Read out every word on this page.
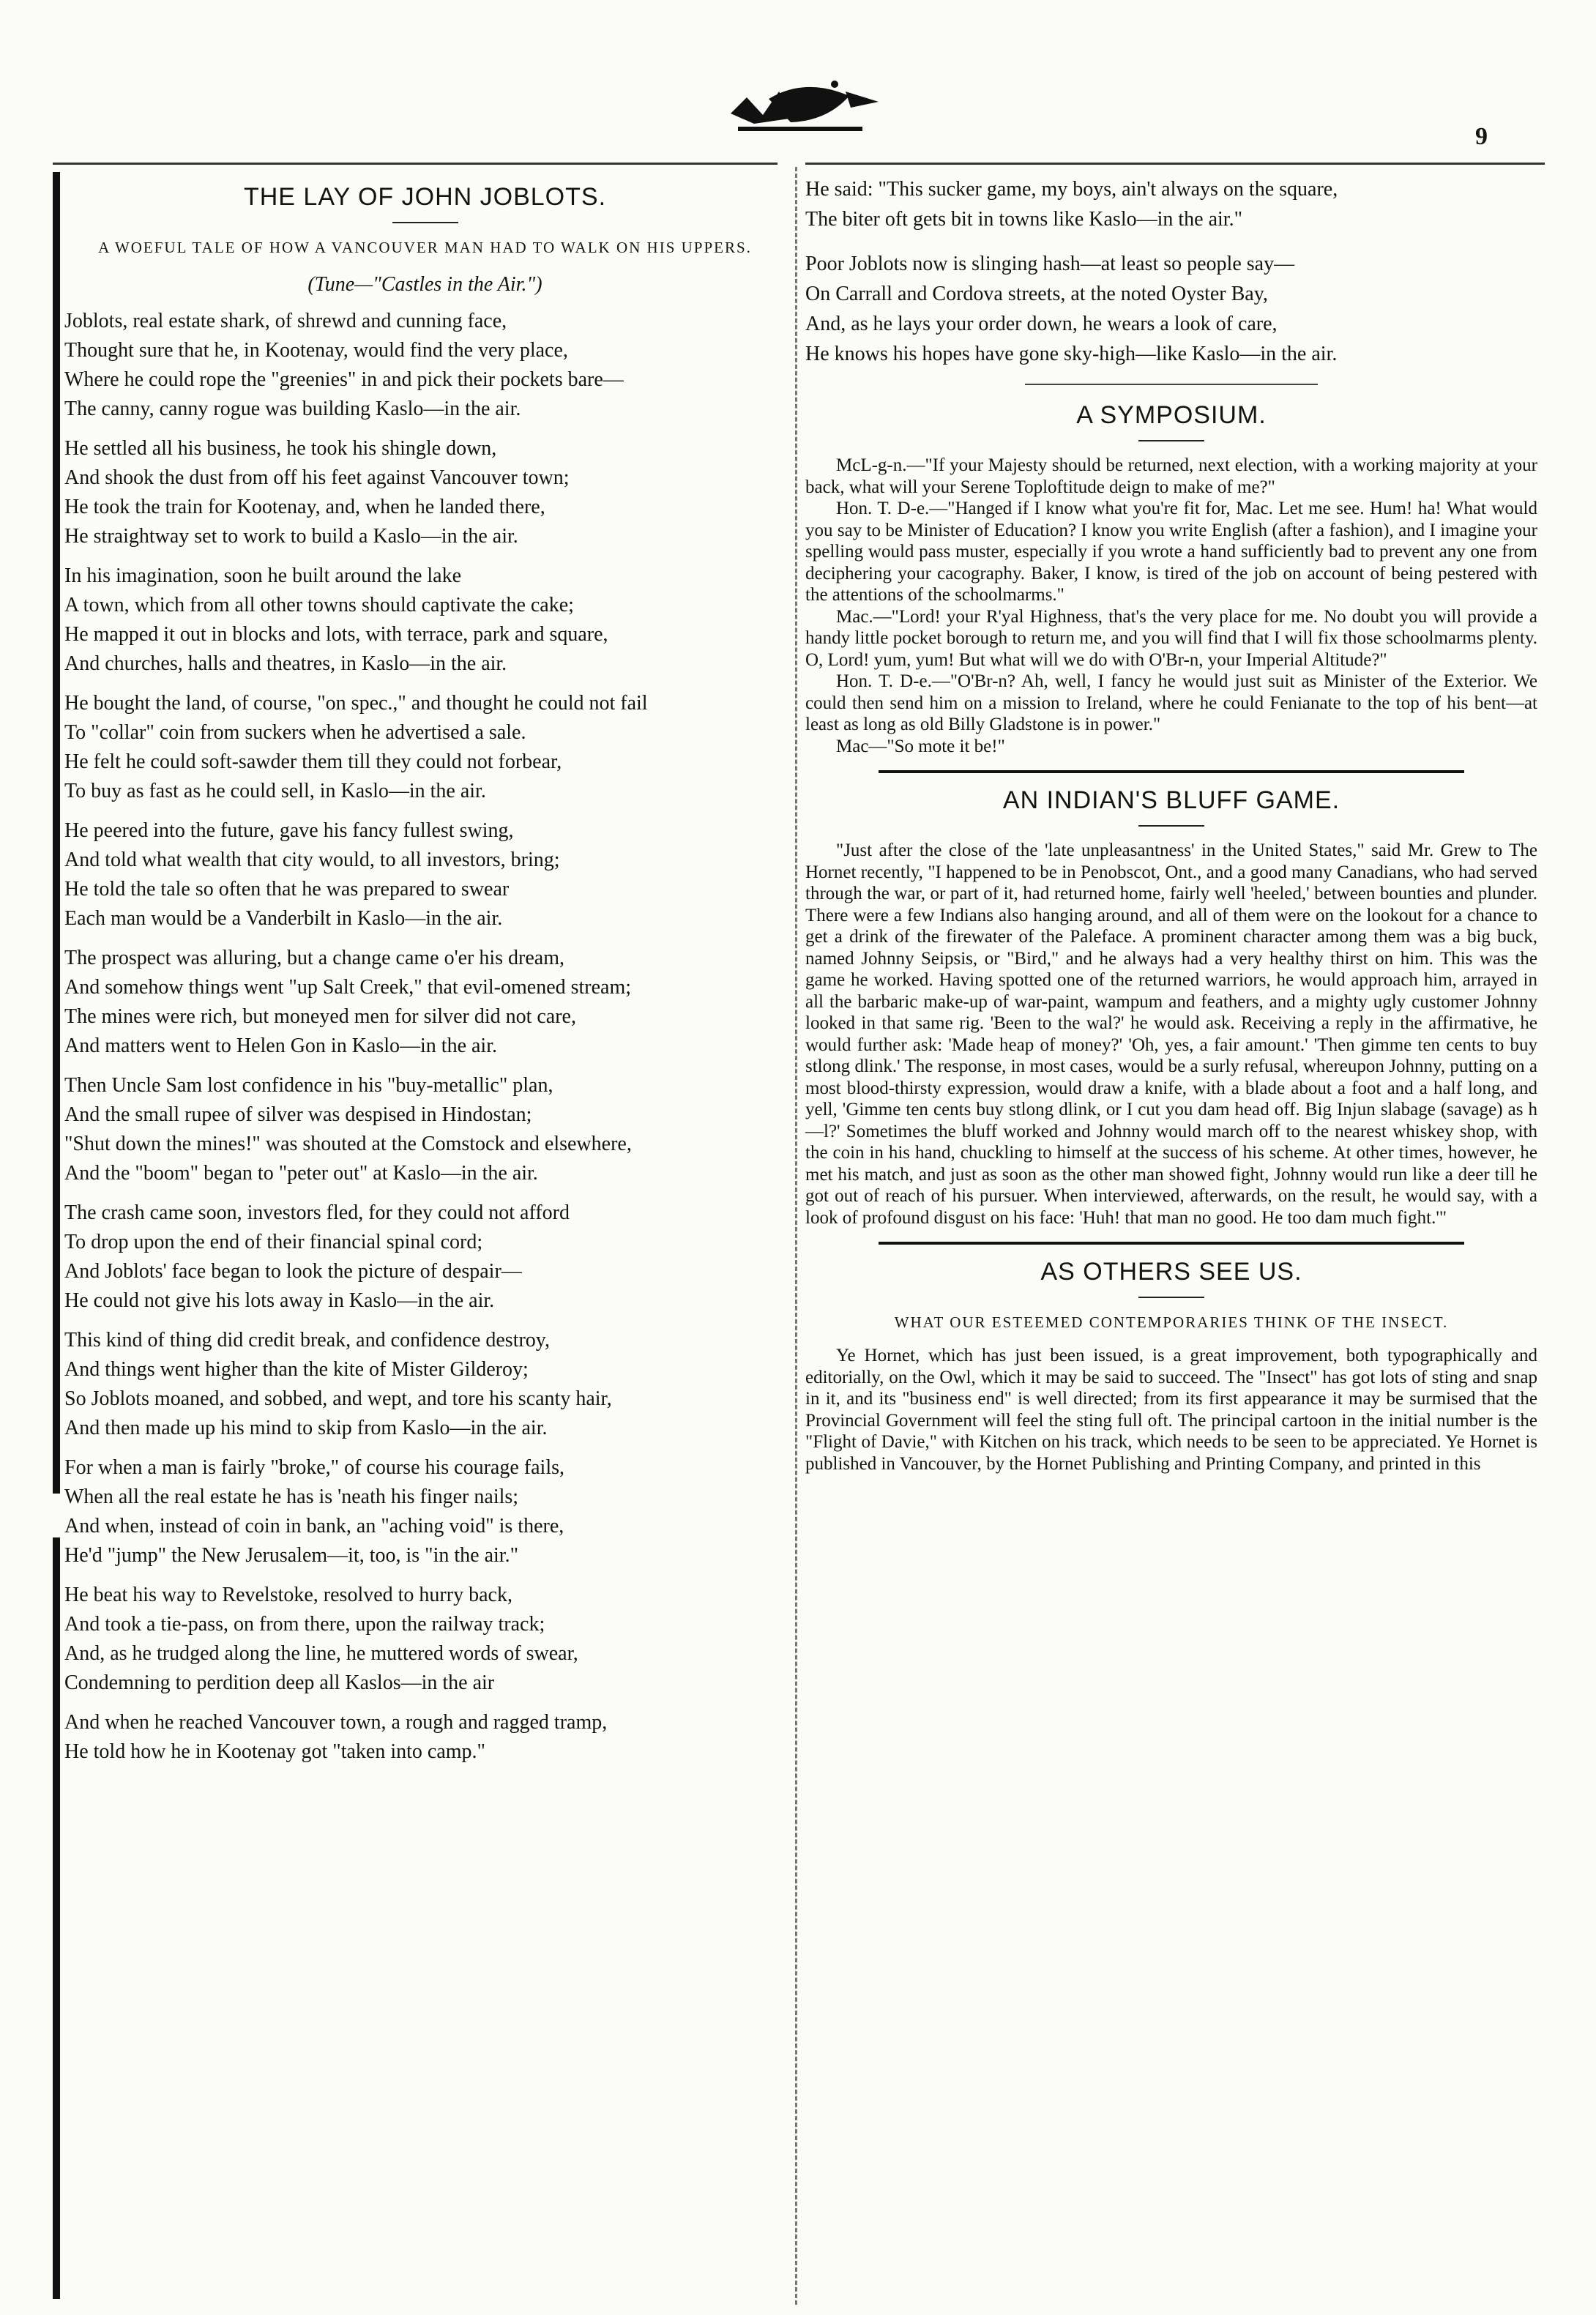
9
THE LAY OF JOHN JOBLOTS.
A WOEFUL TALE OF HOW A VANCOUVER MAN HAD TO WALK ON HIS UPPERS.
(Tune—"Castles in the Air.")
Joblots, real estate shark, of shrewd and cunning face,
Thought sure that he, in Kootenay, would find the very place,
Where he could rope the "greenies" in and pick their pockets bare—
The canny, canny rogue was building Kaslo—in the air.
He settled all his business, he took his shingle down,
And shook the dust from off his feet against Vancouver town;
He took the train for Kootenay, and, when he landed there,
He straightway set to work to build a Kaslo—in the air.
In his imagination, soon he built around the lake
A town, which from all other towns should captivate the cake;
He mapped it out in blocks and lots, with terrace, park and square,
And churches, halls and theatres, in Kaslo—in the air.
He bought the land, of course, "on spec.," and thought he could not fail
To "collar" coin from suckers when he advertised a sale.
He felt he could soft-sawder them till they could not forbear,
To buy as fast as he could sell, in Kaslo—in the air.
He peered into the future, gave his fancy fullest swing,
And told what wealth that city would, to all investors, bring;
He told the tale so often that he was prepared to swear
Each man would be a Vanderbilt in Kaslo—in the air.
The prospect was alluring, but a change came o'er his dream,
And somehow things went "up Salt Creek," that evil-omened stream;
The mines were rich, but moneyed men for silver did not care,
And matters went to Helen Gon in Kaslo—in the air.
Then Uncle Sam lost confidence in his "buy-metallic" plan,
And the small rupee of silver was despised in Hindostan;
"Shut down the mines!" was shouted at the Comstock and elsewhere,
And the "boom" began to "peter out" at Kaslo—in the air.
The crash came soon, investors fled, for they could not afford
To drop upon the end of their financial spinal cord;
And Joblots' face began to look the picture of despair—
He could not give his lots away in Kaslo—in the air.
This kind of thing did credit break, and confidence destroy,
And things went higher than the kite of Mister Gilderoy;
So Joblots moaned, and sobbed, and wept, and tore his scanty hair,
And then made up his mind to skip from Kaslo—in the air.
For when a man is fairly "broke," of course his courage fails,
When all the real estate he has is 'neath his finger nails;
And when, instead of coin in bank, an "aching void" is there,
He'd "jump" the New Jerusalem—it, too, is "in the air."
He beat his way to Revelstoke, resolved to hurry back,
And took a tie-pass, on from there, upon the railway track;
And, as he trudged along the line, he muttered words of swear,
Condemning to perdition deep all Kaslos—in the air
And when he reached Vancouver town, a rough and ragged tramp,
He told how he in Kootenay got "taken into camp."
He said: "This sucker game, my boys, ain't always on the square,
The biter oft gets bit in towns like Kaslo—in the air."
Poor Joblots now is slinging hash—at least so people say—
On Carrall and Cordova streets, at the noted Oyster Bay,
And, as he lays your order down, he wears a look of care,
He knows his hopes have gone sky-high—like Kaslo—in the air.
A SYMPOSIUM.

McL-g-n.—"If your Majesty should be returned, next election, with a working majority at your back, what will your Serene Toploftitude deign to make of me?"

Hon. T. D-e.—"Hanged if I know what you're fit for, Mac. Let me see. Hum! ha! What would you say to be Minister of Education? I know you write English (after a fashion), and I imagine your spelling would pass muster, especially if you wrote a hand sufficiently bad to prevent any one from deciphering your cacography. Baker, I know, is tired of the job on account of being pestered with the attentions of the schoolmarms."

Mac.—"Lord! your R'yal Highness, that's the very place for me. No doubt you will provide a handy little pocket borough to return me, and you will find that I will fix those schoolmarms plenty. O, Lord! yum, yum! But what will we do with O'Br-n, your Imperial Altitude?"

Hon. T. D-e.—"O'Br-n? Ah, well, I fancy he would just suit as Minister of the Exterior. We could then send him on a mission to Ireland, where he could Fenianate to the top of his bent—at least as long as old Billy Gladstone is in power."

Mac—"So mote it be!"

AN INDIAN'S BLUFF GAME.

"Just after the close of the 'late unpleasantness' in the United States," said Mr. Grew to The Hornet recently, "I happened to be in Penobscot, Ont., and a good many Canadians, who had served through the war, or part of it, had returned home, fairly well 'heeled,' between bounties and plunder. There were a few Indians also hanging around, and all of them were on the lookout for a chance to get a drink of the firewater of the Paleface. A prominent character among them was a big buck, named Johnny Seipsis, or "Bird," and he always had a very healthy thirst on him. This was the game he worked. Having spotted one of the returned warriors, he would approach him, arrayed in all the barbaric make-up of war-paint, wampum and feathers, and a mighty ugly customer Johnny looked in that same rig. 'Been to the wal?' he would ask. Receiving a reply in the affirmative, he would further ask: 'Made heap of money?' 'Oh, yes, a fair amount.' 'Then gimme ten cents to buy stlong dlink.' The response, in most cases, would be a surly refusal, whereupon Johnny, putting on a most blood-thirsty expression, would draw a knife, with a blade about a foot and a half long, and yell, 'Gimme ten cents buy stlong dlink, or I cut you dam head off. Big Injun slabage (savage) as h—l?' Sometimes the bluff worked and Johnny would march off to the nearest whiskey shop, with the coin in his hand, chuckling to himself at the success of his scheme. At other times, however, he met his match, and just as soon as the other man showed fight, Johnny would run like a deer till he got out of reach of his pursuer. When interviewed, afterwards, on the result, he would say, with a look of profound disgust on his face: 'Huh! that man no good. He too dam much fight.'"

AS OTHERS SEE US.
WHAT OUR ESTEEMED CONTEMPORARIES THINK OF THE INSECT.

Ye Hornet, which has just been issued, is a great improvement, both typographically and editorially, on the Owl, which it may be said to succeed. The "Insect" has got lots of sting and snap in it, and its "business end" is well directed; from its first appearance it may be surmised that the Provincial Government will feel the sting full oft. The principal cartoon in the initial number is the "Flight of Davie," with Kitchen on his track, which needs to be seen to be appreciated. Ye Hornet is published in Vancouver, by the Hornet Publishing and Printing Company, and printed in this
